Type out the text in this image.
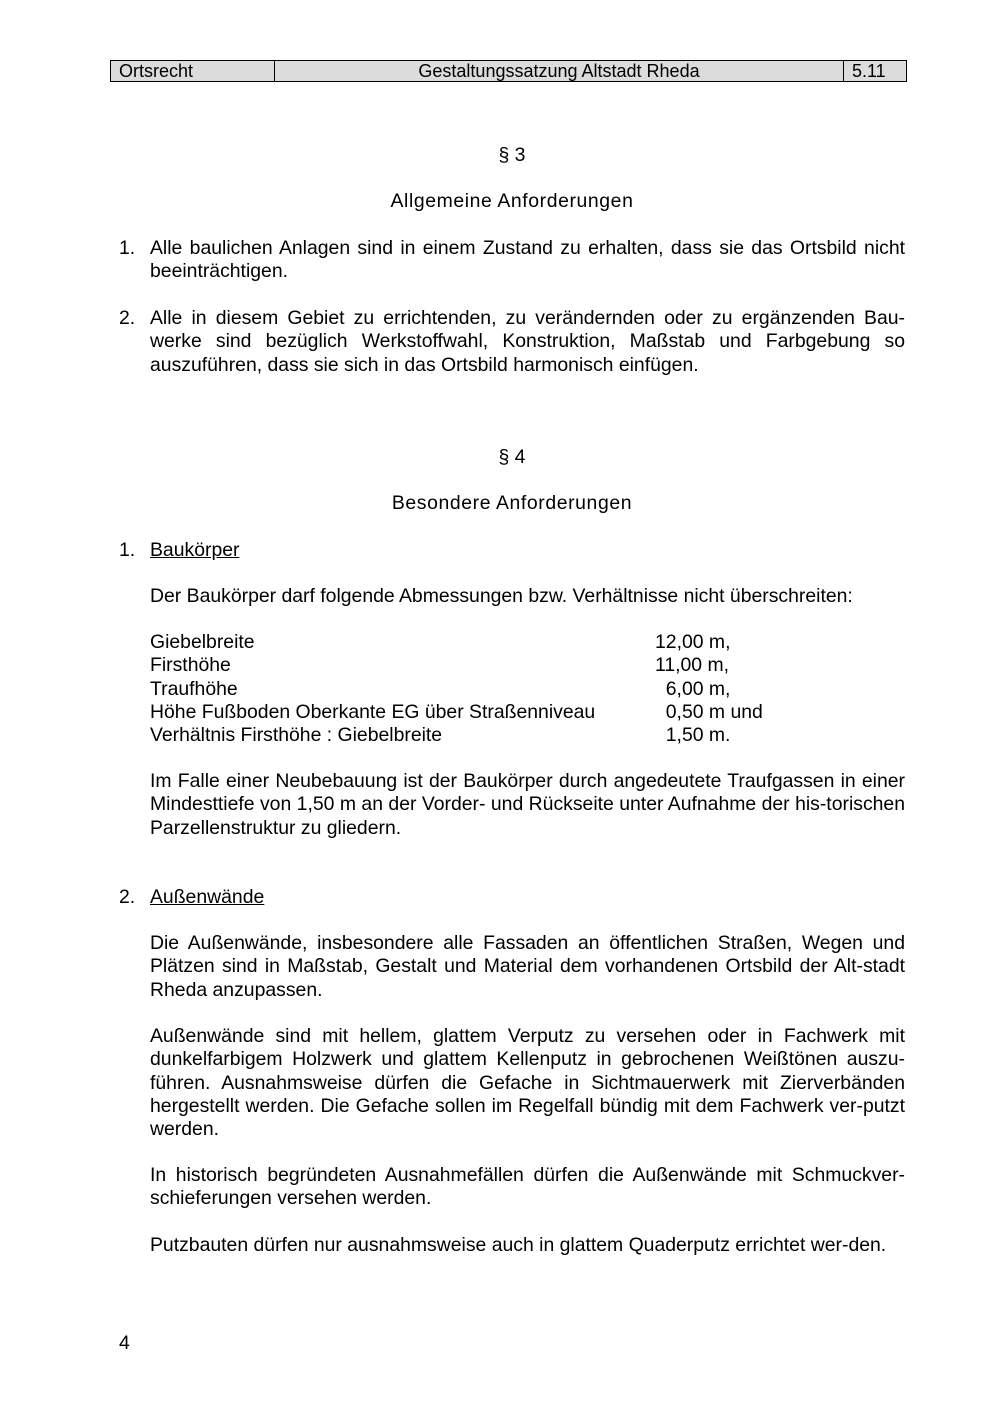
Ortsrecht	Gestaltungssatzung Altstadt Rheda	5.11
§ 3
Allgemeine Anforderungen
1. Alle baulichen Anlagen sind in einem Zustand zu erhalten, dass sie das Ortsbild nicht beeinträchtigen.
2. Alle in diesem Gebiet zu errichtenden, zu verändernden oder zu ergänzenden Bau-werke sind bezüglich Werkstoffwahl, Konstruktion, Maßstab und Farbgebung so auszuführen, dass sie sich in das Ortsbild harmonisch einfügen.
§ 4
Besondere Anforderungen
1. Baukörper
Der Baukörper darf folgende Abmessungen bzw. Verhältnisse nicht überschreiten:
Giebelbreite	12,00 m,
Firsthöhe	11,00 m,
Traufhöhe	6,00 m,
Höhe Fußboden Oberkante EG über Straßenniveau	0,50 m und
Verhältnis Firsthöhe : Giebelbreite	1,50 m.
Im Falle einer Neubebauung ist der Baukörper durch angedeutete Traufgassen in einer Mindesttiefe von 1,50 m an der Vorder- und Rückseite unter Aufnahme der his-torischen Parzellenstruktur zu gliedern.
2. Außenwände
Die Außenwände, insbesondere alle Fassaden an öffentlichen Straßen, Wegen und Plätzen sind in Maßstab, Gestalt und Material dem vorhandenen Ortsbild der Alt-stadt Rheda anzupassen.
Außenwände sind mit hellem, glattem Verputz zu versehen oder in Fachwerk mit dunkelfarbigem Holzwerk und glattem Kellenputz in gebrochenen Weißtönen auszu-führen. Ausnahmsweise dürfen die Gefache in Sichtmauerwerk mit Zierverbänden hergestellt werden. Die Gefache sollen im Regelfall bündig mit dem Fachwerk ver-putzt werden.
In historisch begründeten Ausnahmefällen dürfen die Außenwände mit Schmuckver-schieferungen versehen werden.
Putzbauten dürfen nur ausnahmsweise auch in glattem Quaderputz errichtet wer-den.
4
